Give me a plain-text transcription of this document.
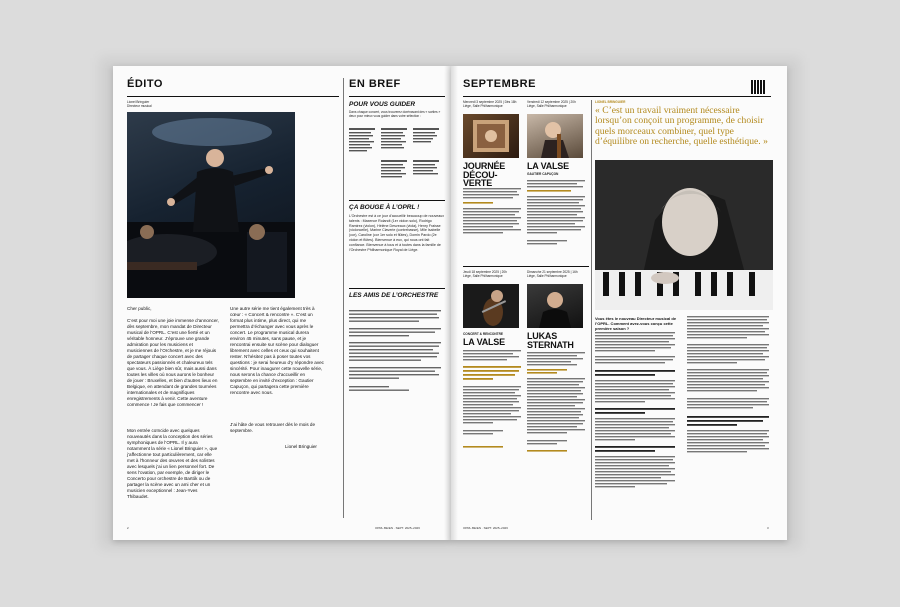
ÉDITO
Lionel Bringuier
Directeur musical
Cher public,
C’est pour moi une joie immense d’annoncer, dès septembre, mon mandat de Directeur musical de l’OPRL. C’est une fierté et un véritable honneur. J’éprouve une grande admiration pour les musiciens et musiciennes de l’Orchestre, et je me réjouis de partager chaque concert avec des spectateurs passionnés et chaleureux tels que vous. À Liège bien sûr, mais aussi dans toutes les villes où nous aurons le bonheur de jouer : Bruxelles, et bien d’autres lieux en Belgique, en attendant de grandes tournées internationales et de magnifiques enregistrements à venir. Cette aventure commence ! Je fais que commencer !
Mon entrée coïncide avec quelques nouveautés dans la conception des séries symphoniques de l’OPRL. Il y aura notamment la série « Lionel Bringuier », que j’affectionne tout particulièrement, car elle met à l’honneur des œuvres et des solistes avec lesquels j’ai un lien personnel fort. De sens l’ovation, par exemple, de diriger le Concerto pour orchestre de Bartók ou de partager la scène avec un ami cher et un musicien exceptionnel : Jean-Yves Thibaudet.
Une autre série me tient également très à cœur : « Concert & rencontre ». C’est un format plus intime, plus direct, qui me permettra d’échanger avec vous après le concert. Le programme musical durera environ 45 minutes, sans pause, et je rencontrai ensuite sur scène pour dialoguer librement avec celles et ceux qui souhaitent rester. N’hésitez pas à poser toutes vos questions : je serai heureux d’y répondre avec sincérité. Pour inaugurer cette nouvelle série, nous serons la chance d’accueillir en septembre en invité d’exception : Gautier Capuçon, qui partagera cette première rencontre avec nous.
J’ai hâte de vous retrouver dès le mois de septembre.
Lionel Bringuier
2
EN BREF
POUR VOUS GUIDER
Dans chaque concert, vous trouverez dorénavant des « sorties » deux pour mieux vous guider dans votre sélection :
ÇA BOUGE À L’OPRL !
L’Orchestre est à ce jour d’accueillir beaucoup de nouveaux talents : Maxence Rolandt (1er violon solo), Rodrigo Ramirez (violon), Hélène Desveaux (viola), Henry Fraisse (violoncelle), Marine Claverie (contrebasse), Mlle Isabelle (cor), Caroline (cor 1er solo et flûtes), Domin Pardo (2e violon et flûtes). Bienvenue à eux, qui nous ont fait confiance. Bienvenue à tous et à toutes dans la famille de l’Orchestre Philharmonique Royal de Liège.
LES AMIS DE L’ORCHESTRE
OPRL.BE/EN · SEPT. 2025–2026
SEPTEMBRE
Mercredi 3 septembre 2025 | Dès 18h
Liège, Salle Philharmonique
JOURNÉE DÉCOU-VERTE
Vendredi 12 septembre 2025 | 20h
Liège, Salle Philharmonique
LA VALSE
GAUTIER CAPUÇON
Jeudi 18 septembre 2025 | 20h
Liège, Salle Philharmonique
CONCERT & RENCONTRE
LA VALSE
Dimanche 21 septembre 2025 | 16h
Liège, Salle Philharmonique
LUKAS STERNATH
LIONEL BRINGUIER
« C’est un travail vraiment nécessaire lorsqu’on conçoit un programme, de choisir quels morceaux combiner, quel type d’équilibre on recherche, quelle esthétique. »
Vous êtes le nouveau Directeur musical de l’OPRL. Comment avez-vous conçu cette première saison ?
OPRL.BE/EN · SEPT. 2025–2026	3
